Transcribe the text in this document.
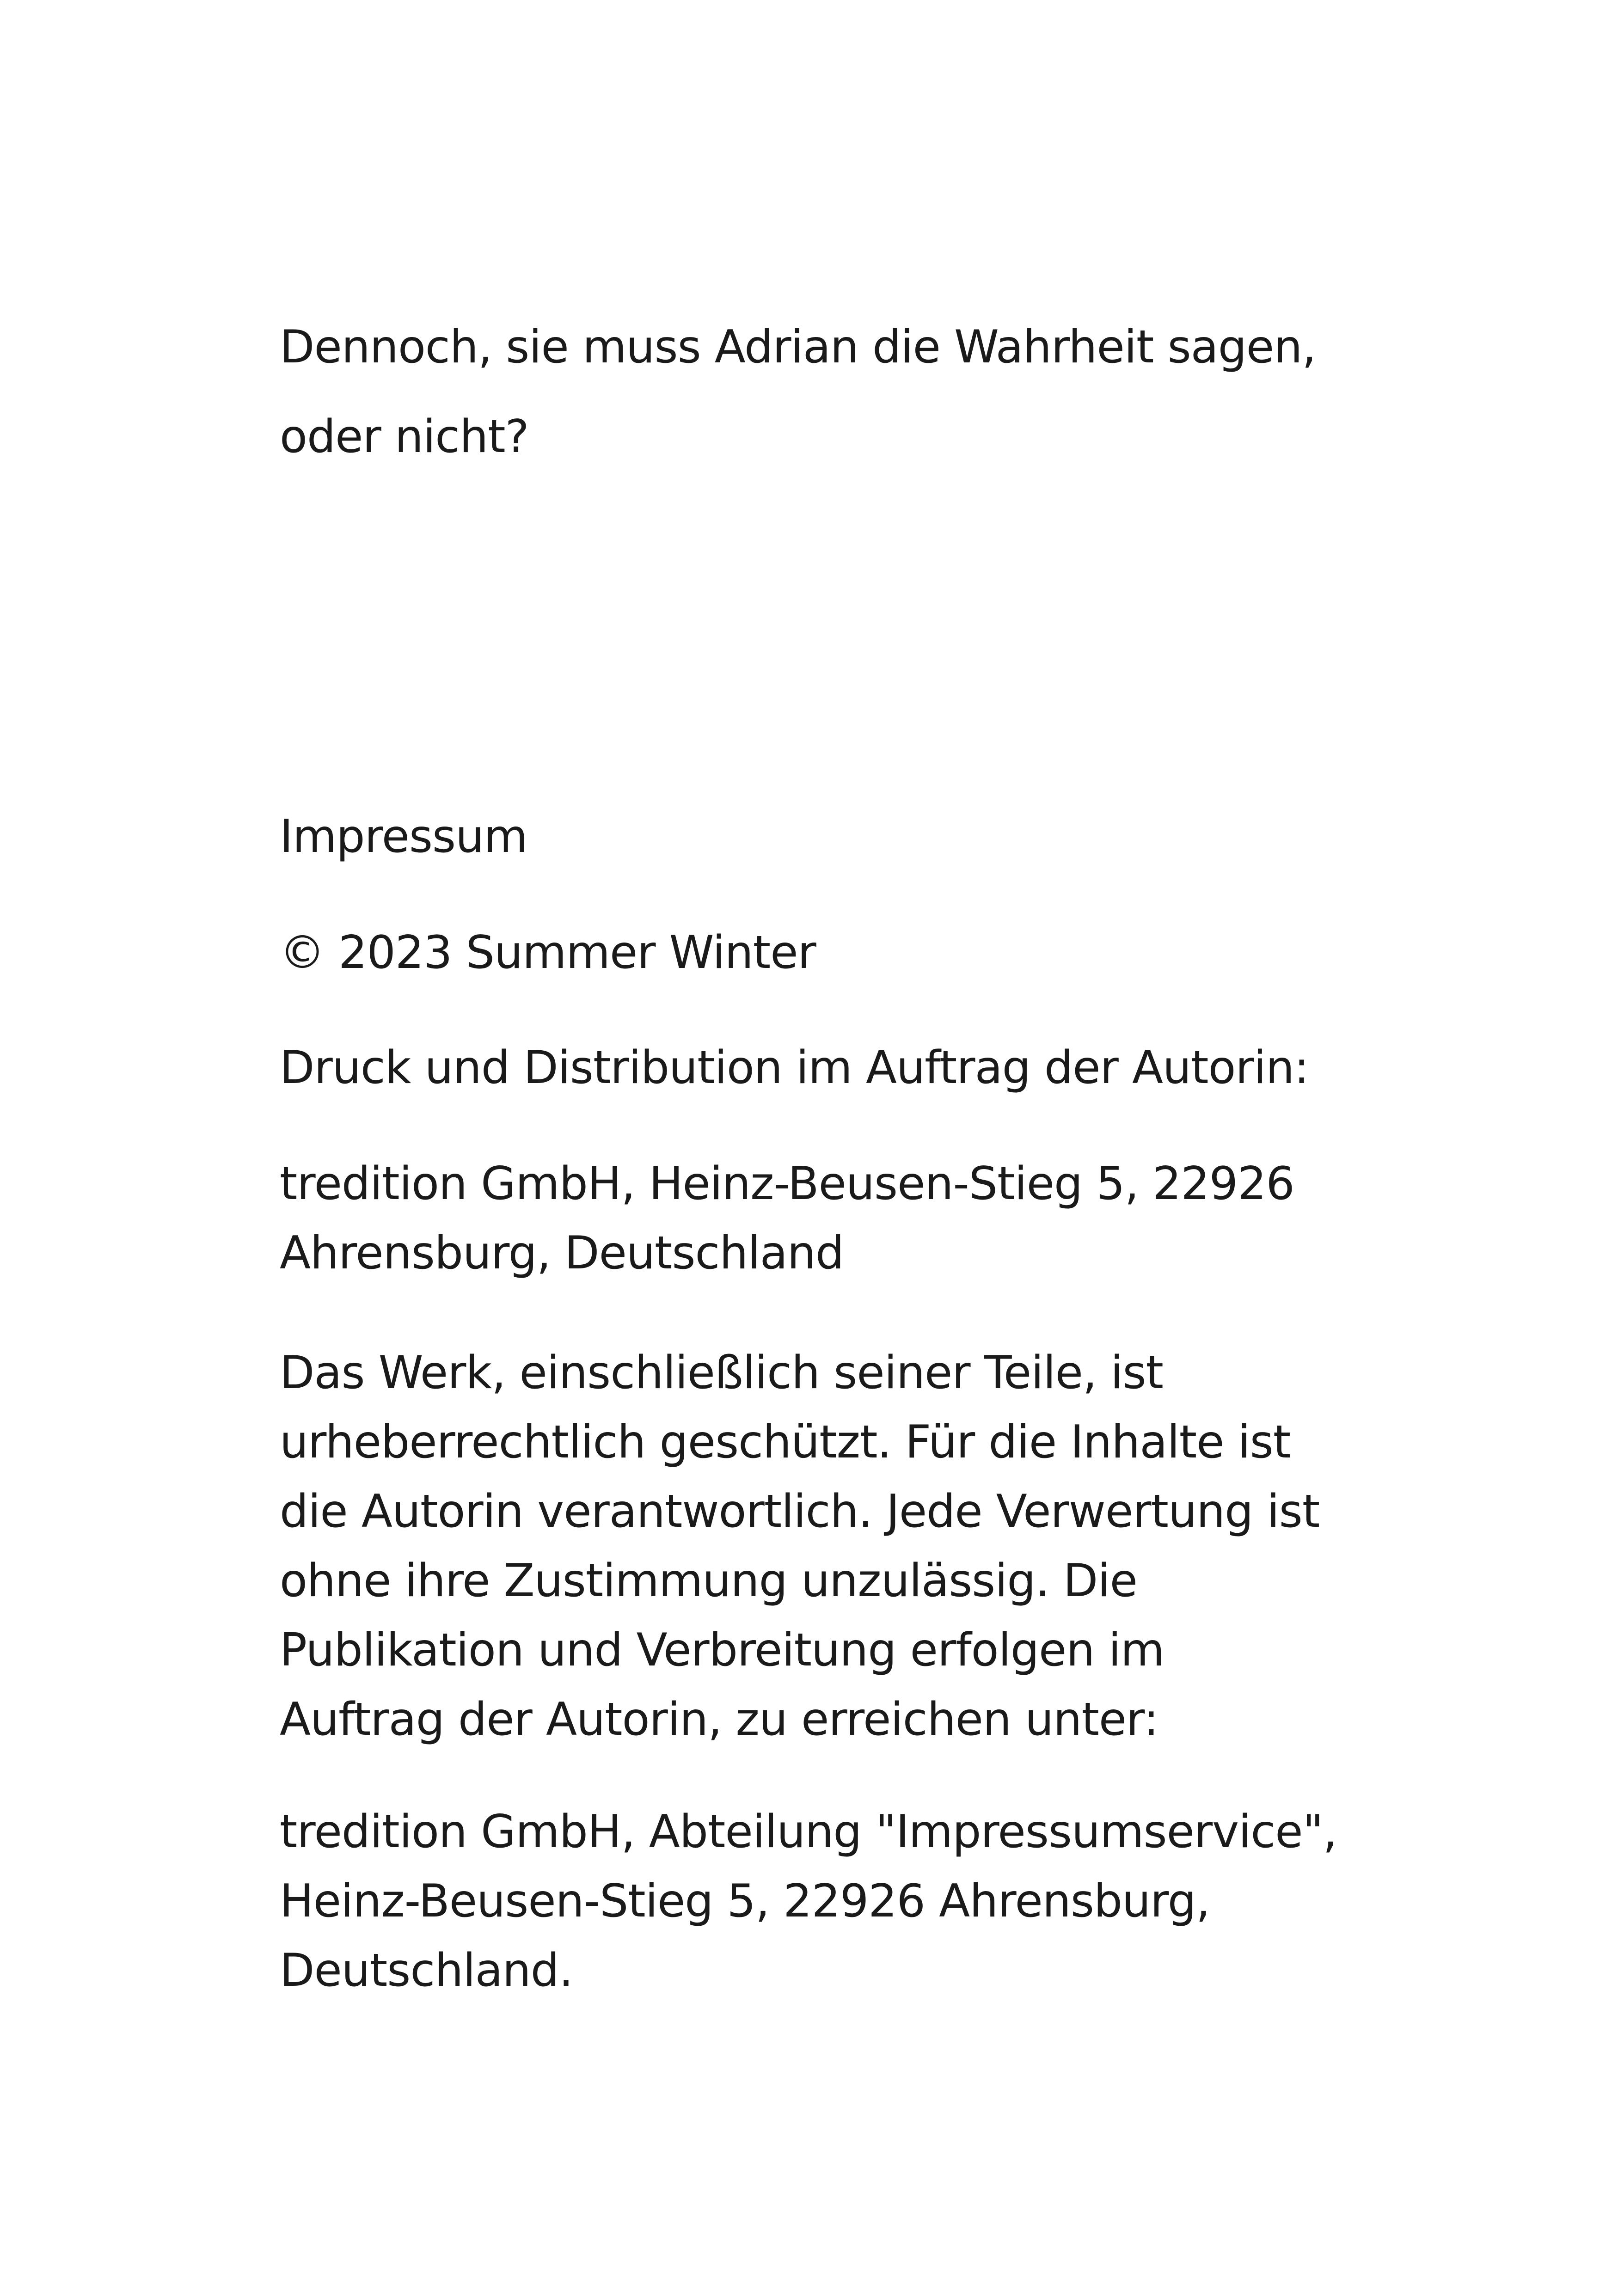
Dennoch, sie muss Adrian die Wahrheit sagen,
oder nicht?
Impressum
© 2023 Summer Winter
Druck und Distribution im Auftrag der Autorin:
tredition GmbH, Heinz-Beusen-Stieg 5, 22926
Ahrensburg, Deutschland
Das Werk, einschließlich seiner Teile, ist
urheberrechtlich geschützt. Für die Inhalte ist
die Autorin verantwortlich. Jede Verwertung ist
ohne ihre Zustimmung unzulässig. Die
Publikation und Verbreitung erfolgen im
Auftrag der Autorin, zu erreichen unter:
tredition GmbH, Abteilung "Impressumservice",
Heinz-Beusen-Stieg 5, 22926 Ahrensburg,
Deutschland.
